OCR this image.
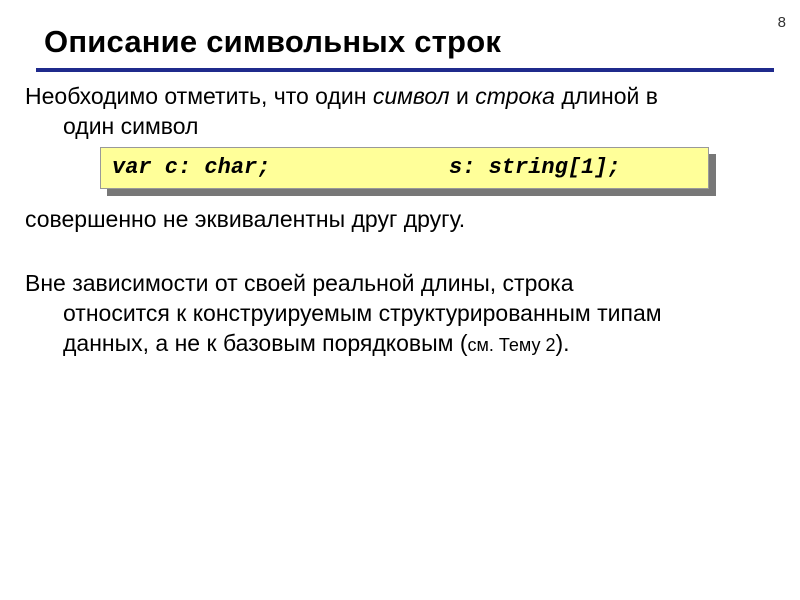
8
Описание символьных строк
Необходимо отметить, что один символ и строка длиной в
один символ
var c: char;	s: string[1];
совершенно не эквивалентны друг другу.
Вне зависимости от своей реальной длины, строка
относится к конструируемым структурированным типам
данных, а не к базовым порядковым (см. Тему 2).
